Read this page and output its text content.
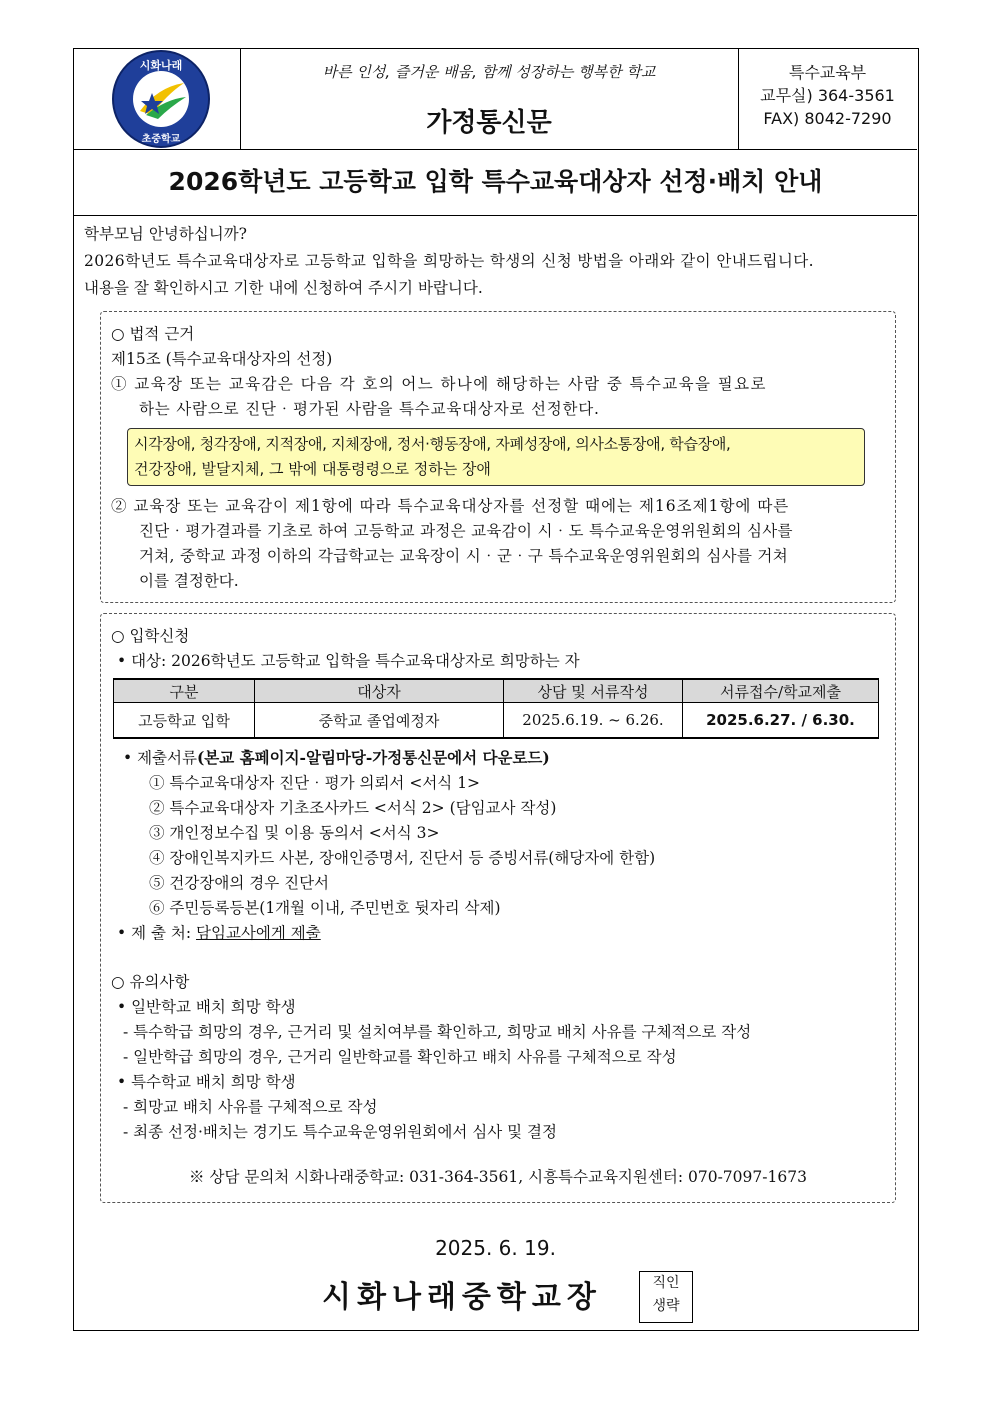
시화나래
초중학교
바른 인성, 즐거운 배움, 함께 성장하는 행복한 학교
가정통신문
특수교육부
교무실) 364-3561
FAX) 8042-7290
2026학년도 고등학교 입학 특수교육대상자 선정·배치 안내
학부모님 안녕하십니까?
2026학년도 특수교육대상자로 고등학교 입학을 희망하는 학생의 신청 방법을 아래와 같이 안내드립니다.
내용을 잘 확인하시고 기한 내에 신청하여 주시기 바랍니다.
○ 법적 근거
제15조 (특수교육대상자의 선정)
① 교육장 또는 교육감은 다음 각 호의 어느 하나에 해당하는 사람 중 특수교육을 필요로
하는 사람으로 진단‧평가된 사람을 특수교육대상자로 선정한다.
시각장애, 청각장애, 지적장애, 지체장애, 정서·행동장애, 자폐성장애, 의사소통장애, 학습장애,
건강장애, 발달지체, 그 밖에 대통령령으로 정하는 장애
② 교육장 또는 교육감이 제1항에 따라 특수교육대상자를 선정할 때에는 제16조제1항에 따른
진단‧평가결과를 기초로 하여 고등학교 과정은 교육감이 시‧도 특수교육운영위원회의 심사를
거쳐, 중학교 과정 이하의 각급학교는 교육장이 시‧군‧구 특수교육운영위원회의 심사를 거쳐
이를 결정한다.
○ 입학신청
• 대상: 2026학년도 고등학교 입학을 특수교육대상자로 희망하는 자
구분	대상자	상담 및 서류작성	서류접수/학교제출
고등학교 입학	중학교 졸업예정자	2025.6.19. ~ 6.26.	2025.6.27. / 6.30.
• 제출서류(본교 홈페이지-알림마당-가정통신문에서 다운로드)
① 특수교육대상자 진단‧평가 의뢰서 <서식 1>
② 특수교육대상자 기초조사카드 <서식 2> (담임교사 작성)
③ 개인정보수집 및 이용 동의서 <서식 3>
④ 장애인복지카드 사본, 장애인증명서, 진단서 등 증빙서류(해당자에 한함)
⑤ 건강장애의 경우 진단서
⑥ 주민등록등본(1개월 이내, 주민번호 뒷자리 삭제)
• 제 출 처: 담임교사에게 제출
○ 유의사항
• 일반학교 배치 희망 학생
- 특수학급 희망의 경우, 근거리 및 설치여부를 확인하고, 희망교 배치 사유를 구체적으로 작성
- 일반학급 희망의 경우, 근거리 일반학교를 확인하고 배치 사유를 구체적으로 작성
• 특수학교 배치 희망 학생
- 희망교 배치 사유를 구체적으로 작성
- 최종 선정·배치는 경기도 특수교육운영위원회에서 심사 및 결정
※ 상담 문의처 시화나래중학교: 031-364-3561, 시흥특수교육지원센터: 070-7097-1673
2025. 6. 19.
시화나래중학교장	직인
생략
